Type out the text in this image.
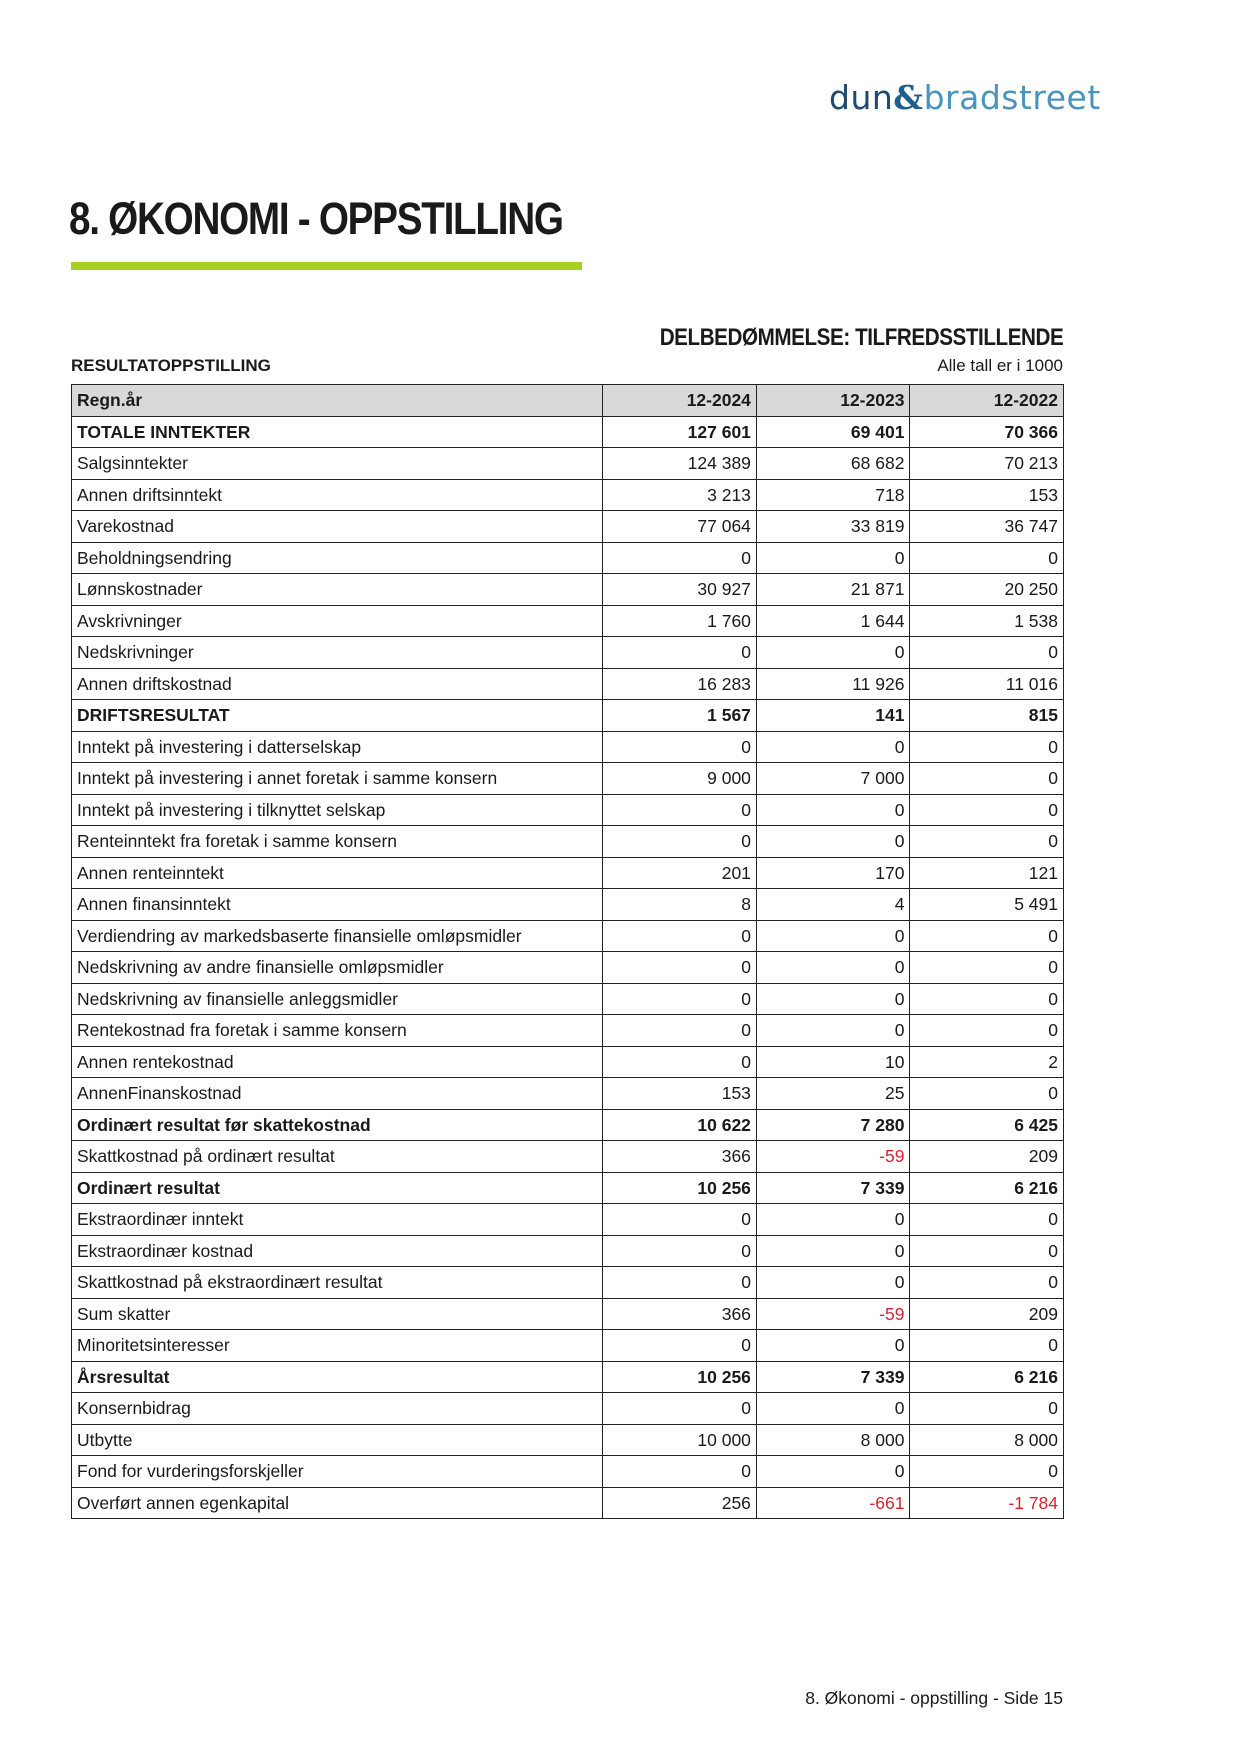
dun&bradstreet
8. ØKONOMI - OPPSTILLING
DELBEDØMMELSE: TILFREDSSTILLENDE
RESULTATOPPSTILLING	Alle tall er i 1000
Regn.år	12-2024	12-2023	12-2022
TOTALE INNTEKTER	127 601	69 401	70 366
Salgsinntekter	124 389	68 682	70 213
Annen driftsinntekt	3 213	718	153
Varekostnad	77 064	33 819	36 747
Beholdningsendring	0	0	0
Lønnskostnader	30 927	21 871	20 250
Avskrivninger	1 760	1 644	1 538
Nedskrivninger	0	0	0
Annen driftskostnad	16 283	11 926	11 016
DRIFTSRESULTAT	1 567	141	815
Inntekt på investering i datterselskap	0	0	0
Inntekt på investering i annet foretak i samme konsern	9 000	7 000	0
Inntekt på investering i tilknyttet selskap	0	0	0
Renteinntekt fra foretak i samme konsern	0	0	0
Annen renteinntekt	201	170	121
Annen finansinntekt	8	4	5 491
Verdiendring av markedsbaserte finansielle omløpsmidler	0	0	0
Nedskrivning av andre finansielle omløpsmidler	0	0	0
Nedskrivning av finansielle anleggsmidler	0	0	0
Rentekostnad fra foretak i samme konsern	0	0	0
Annen rentekostnad	0	10	2
AnnenFinanskostnad	153	25	0
Ordinært resultat før skattekostnad	10 622	7 280	6 425
Skattkostnad på ordinært resultat	366	-59	209
Ordinært resultat	10 256	7 339	6 216
Ekstraordinær inntekt	0	0	0
Ekstraordinær kostnad	0	0	0
Skattkostnad på ekstraordinært resultat	0	0	0
Sum skatter	366	-59	209
Minoritetsinteresser	0	0	0
Årsresultat	10 256	7 339	6 216
Konsernbidrag	0	0	0
Utbytte	10 000	8 000	8 000
Fond for vurderingsforskjeller	0	0	0
Overført annen egenkapital	256	-661	-1 784
8. Økonomi - oppstilling - Side 15
